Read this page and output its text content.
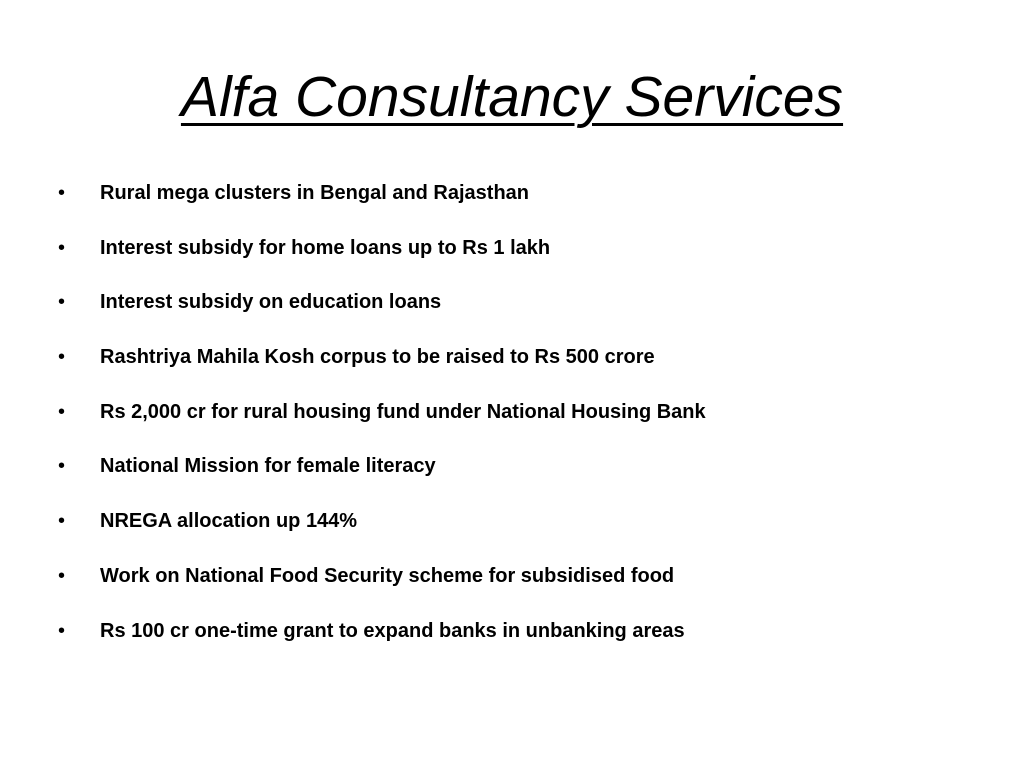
Alfa Consultancy Services
• Rural mega clusters in Bengal and Rajasthan
• Interest subsidy for home loans up to Rs 1 lakh
• Interest subsidy on education loans
• Rashtriya Mahila Kosh corpus to be raised to Rs 500 crore
• Rs 2,000 cr for rural housing fund under National Housing Bank
• National Mission for female literacy
• NREGA allocation up 144%
• Work on National Food Security scheme for subsidised food
• Rs 100 cr one-time grant to expand banks in unbanking areas
